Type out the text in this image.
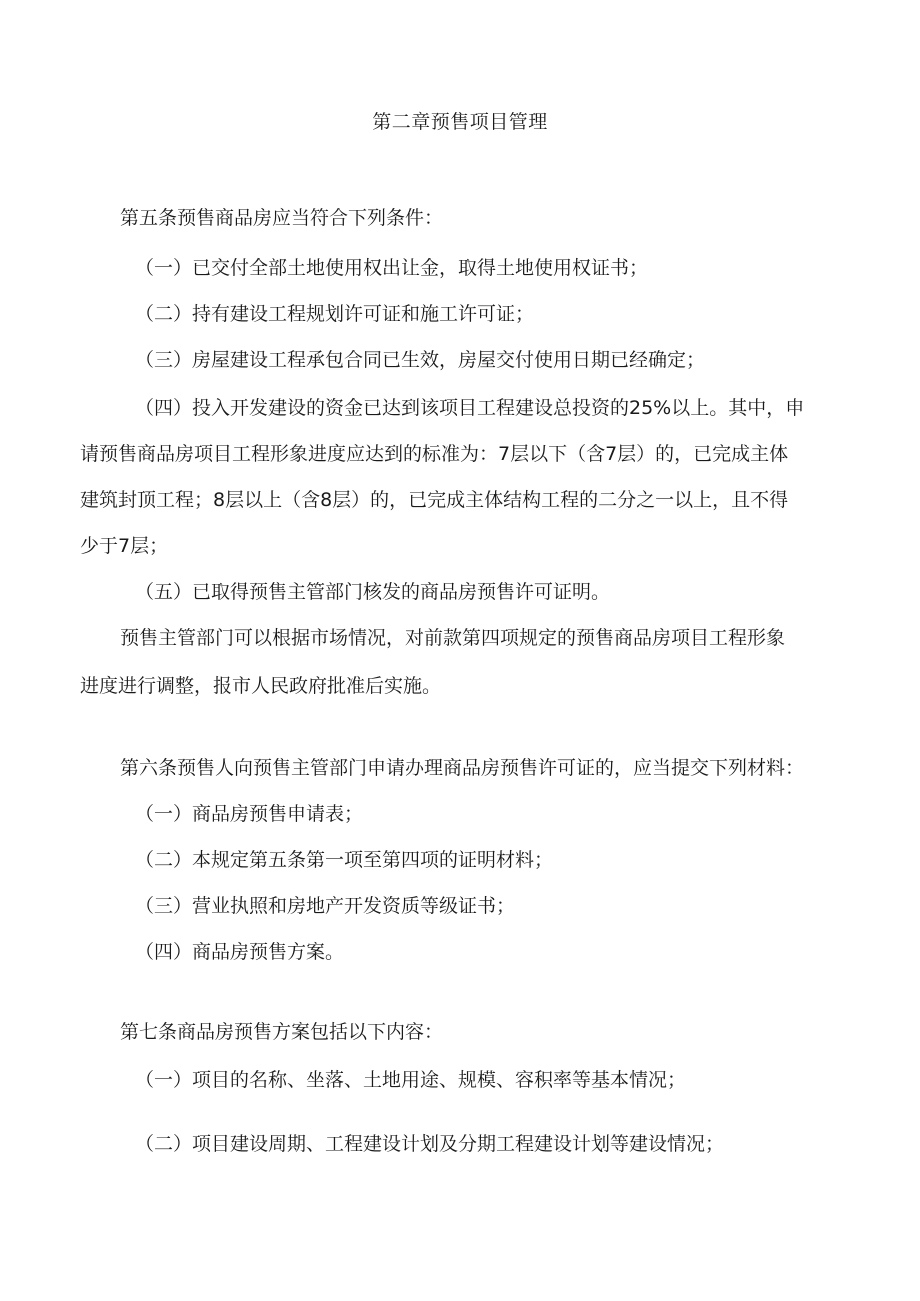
第二章预售项目管理
第五条预售商品房应当符合下列条件：
（一）已交付全部土地使用权出让金，取得土地使用权证书；
（二）持有建设工程规划许可证和施工许可证；
（三）房屋建设工程承包合同已生效，房屋交付使用日期已经确定；
（四）投入开发建设的资金已达到该项目工程建设总投资的25%以上。其中，申
请预售商品房项目工程形象进度应达到的标准为：7层以下（含7层）的，已完成主体
建筑封顶工程；8层以上（含8层）的，已完成主体结构工程的二分之一以上，且不得
少于7层；
（五）已取得预售主管部门核发的商品房预售许可证明。
预售主管部门可以根据市场情况，对前款第四项规定的预售商品房项目工程形象
进度进行调整，报市人民政府批准后实施。
第六条预售人向预售主管部门申请办理商品房预售许可证的，应当提交下列材料：
（一）商品房预售申请表；
（二）本规定第五条第一项至第四项的证明材料；
（三）营业执照和房地产开发资质等级证书；
（四）商品房预售方案。
第七条商品房预售方案包括以下内容：
（一）项目的名称、坐落、土地用途、规模、容积率等基本情况；
（二）项目建设周期、工程建设计划及分期工程建设计划等建设情况；
